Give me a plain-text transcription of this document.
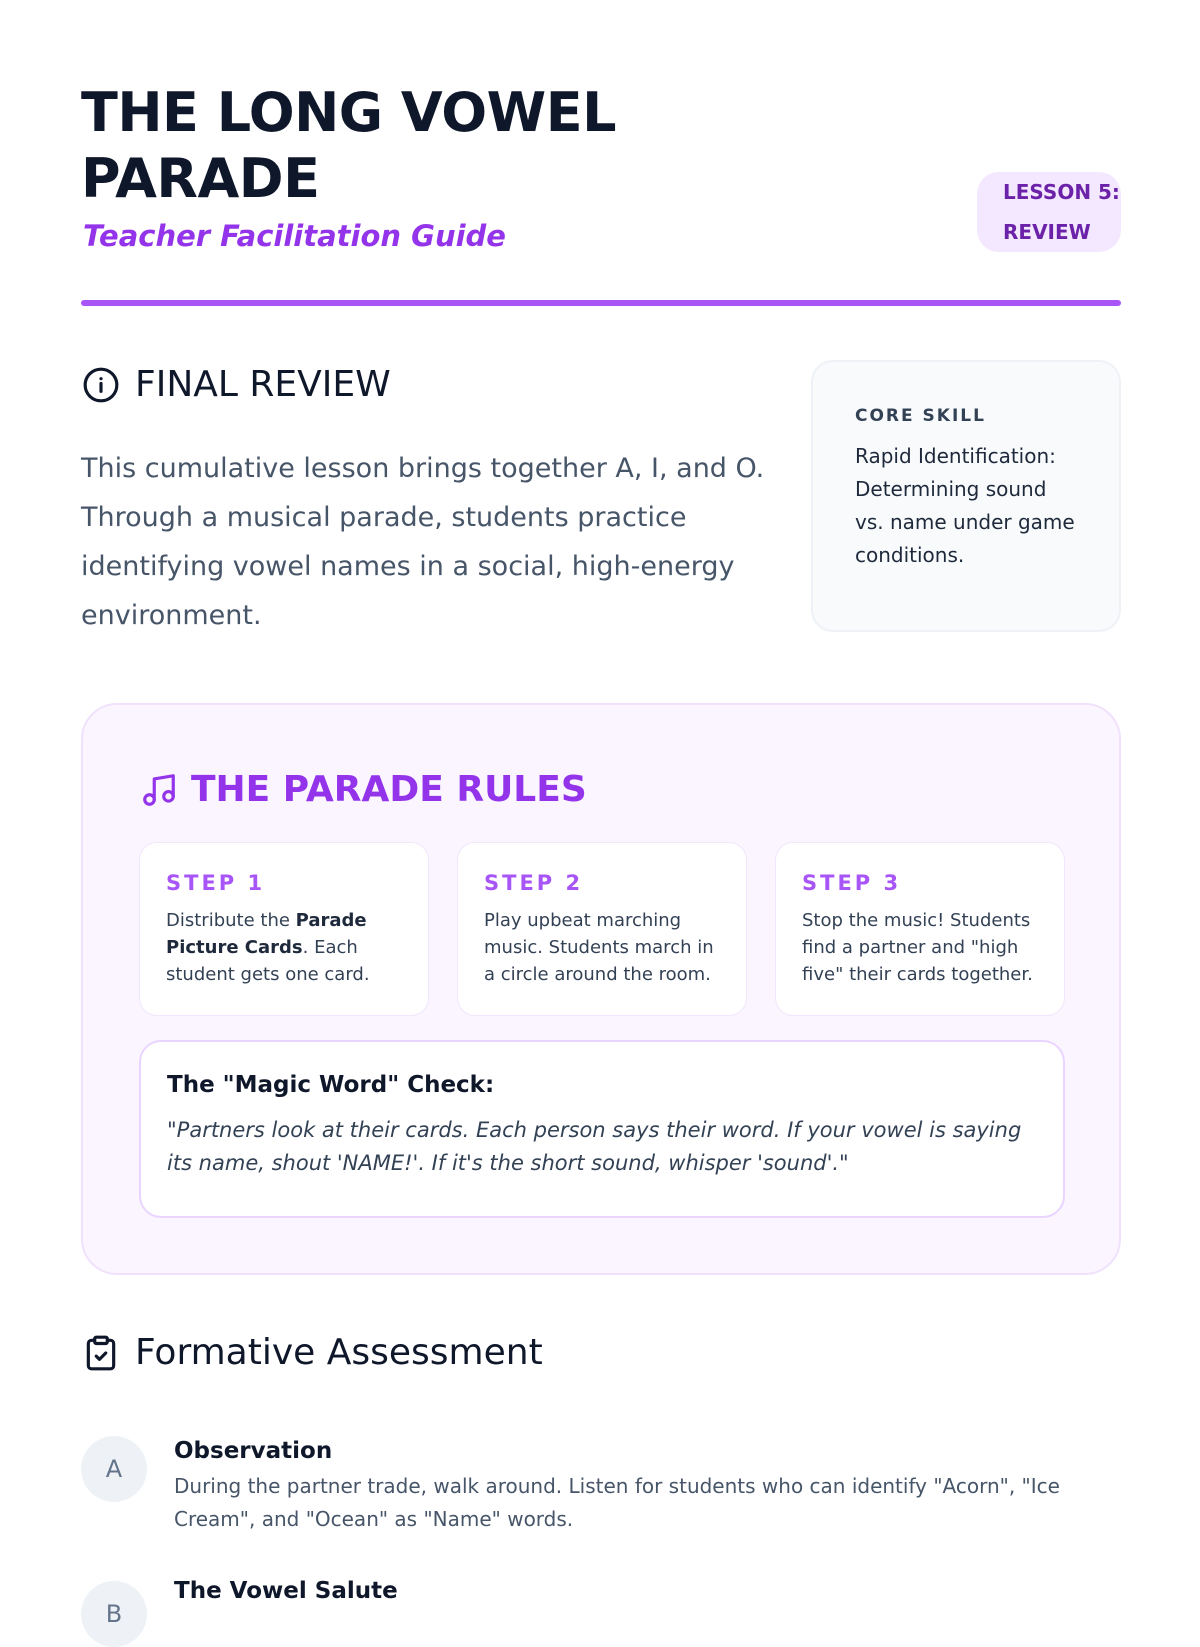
THE LONG VOWEL
PARADE

Teacher Facilitation Guide

LESSON 5:
REVIEW
FINAL REVIEW

This cumulative lesson brings together A, I, and O. Through a musical parade, students practice identifying vowel names in a social, high-energy environment.

CORE SKILL

Rapid Identification: Determining sound vs. name under game conditions.

THE PARADE RULES

STEP 1

Distribute the Parade Picture Cards. Each student gets one card.

STEP 2

Play upbeat marching music. Students march in a circle around the room.

STEP 3

Stop the music! Students find a partner and "high five" their cards together.

The "Magic Word" Check:

"Partners look at their cards. Each person says their word. If your vowel is saying its name, shout 'NAME!'. If it's the short sound, whisper 'sound'."

Formative Assessment
A

Observation

During the partner trade, walk around. Listen for students who can identify "Acorn", "Ice Cream", and "Ocean" as "Name" words.

B

The Vowel Salute
